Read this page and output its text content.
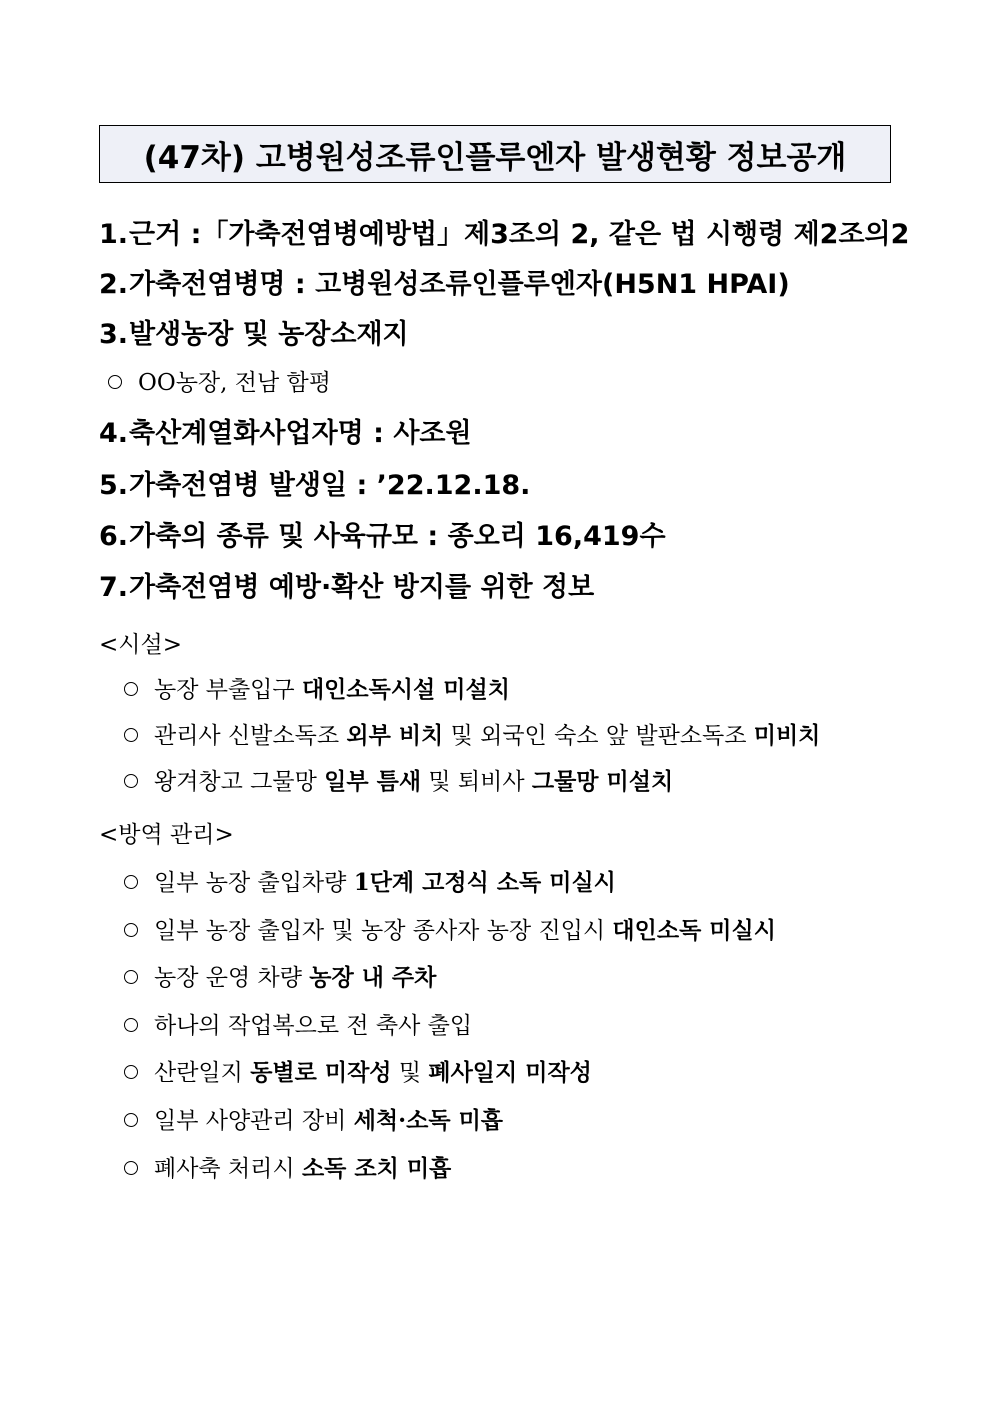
(47차) 고병원성조류인플루엔자 발생현황 정보공개
1.근거 :「가축전염병예방법」제3조의 2, 같은 법 시행령 제2조의2
2.가축전염병명 : 고병원성조류인플루엔자(H5N1 HPAI)
3.발생농장 및 농장소재지
OO농장, 전남 함평
4.축산계열화사업자명 : 사조원
5.가축전염병 발생일 : ’22.12.18.
6.가축의 종류 및 사육규모 : 종오리 16,419수
7.가축전염병 예방·확산 방지를 위한 정보
<시설>
농장 부출입구 대인소독시설 미설치
관리사 신발소독조 외부 비치 및 외국인 숙소 앞 발판소독조 미비치
왕겨창고 그물망 일부 틈새 및 퇴비사 그물망 미설치
<방역 관리>
일부 농장 출입차량 1단계 고정식 소독 미실시
일부 농장 출입자 및 농장 종사자 농장 진입시 대인소독 미실시
농장 운영 차량 농장 내 주차
하나의 작업복으로 전 축사 출입
산란일지 동별로 미작성 및 폐사일지 미작성
일부 사양관리 장비 세척·소독 미흡
폐사축 처리시 소독 조치 미흡
